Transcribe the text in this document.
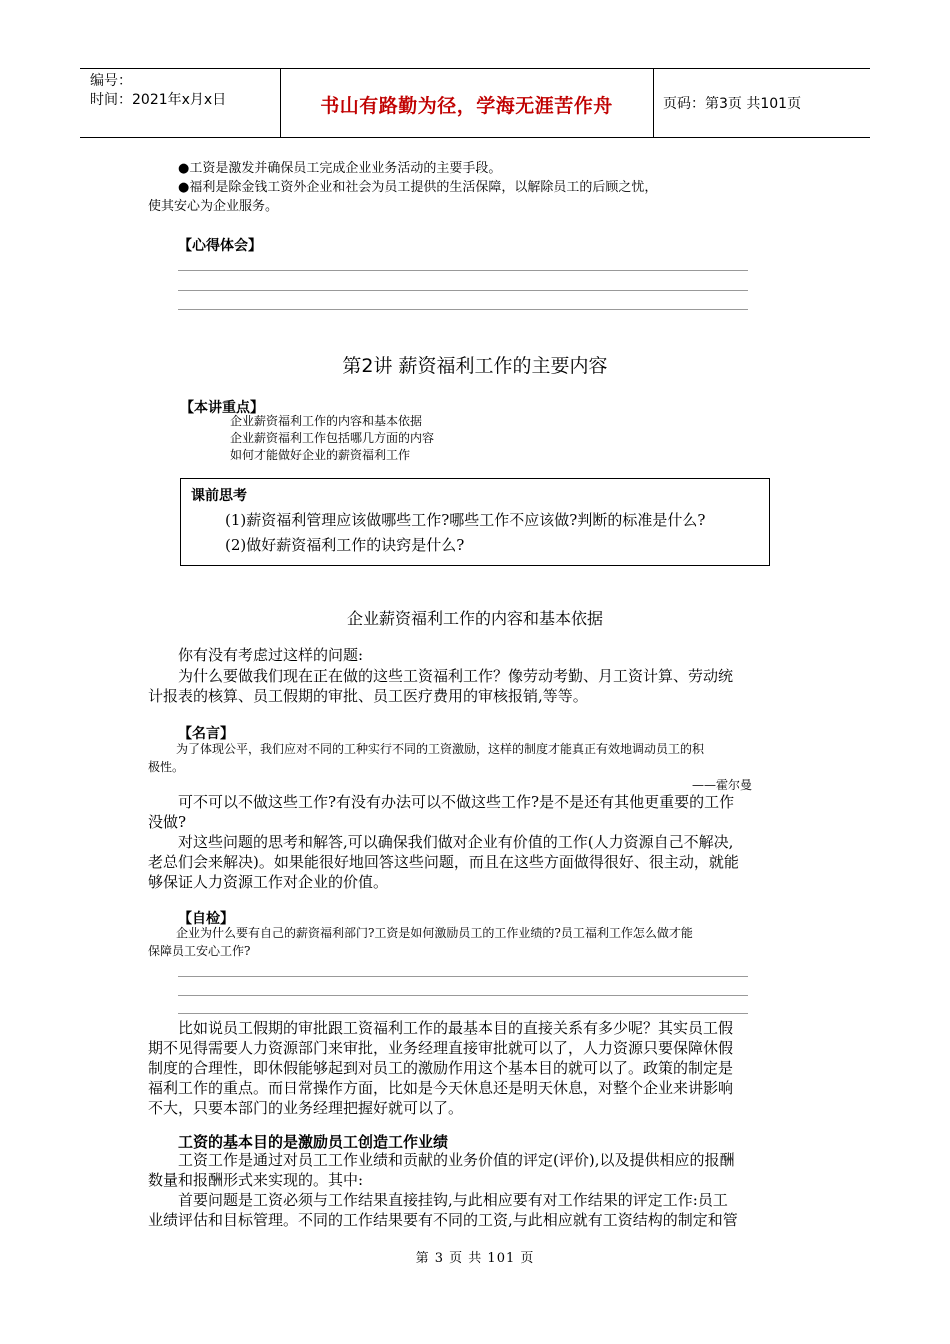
编号：
时间：2021年x月x日	书山有路勤为径，学海无涯苦作舟	页码：第3页 共101页
●工资是激发并确保员工完成企业业务活动的主要手段。
●福利是除金钱工资外企业和社会为员工提供的生活保障，以解除员工的后顾之忧，
使其安心为企业服务。
【心得体会】
第2讲 薪资福利工作的主要内容
【本讲重点】
企业薪资福利工作的内容和基本依据
企业薪资福利工作包括哪几方面的内容
如何才能做好企业的薪资福利工作
课前思考
(1)薪资福利管理应该做哪些工作?哪些工作不应该做?判断的标准是什么?
(2)做好薪资福利工作的诀窍是什么?
企业薪资福利工作的内容和基本依据
你有没有考虑过这样的问题:
为什么要做我们现在正在做的这些工资福利工作？像劳动考勤、月工资计算、劳动统
计报表的核算、员工假期的审批、员工医疗费用的审核报销,等等。
【名言】
为了体现公平，我们应对不同的工种实行不同的工资激励，这样的制度才能真正有效地调动员工的积
极性。
——霍尔曼
可不可以不做这些工作?有没有办法可以不做这些工作?是不是还有其他更重要的工作
没做?
对这些问题的思考和解答,可以确保我们做对企业有价值的工作(人力资源自己不解决,
老总们会来解决)。如果能很好地回答这些问题，而且在这些方面做得很好、很主动，就能
够保证人力资源工作对企业的价值。
【自检】
企业为什么要有自己的薪资福利部门?工资是如何激励员工的工作业绩的?员工福利工作怎么做才能
保障员工安心工作?
比如说员工假期的审批跟工资福利工作的最基本目的直接关系有多少呢？其实员工假
期不见得需要人力资源部门来审批，业务经理直接审批就可以了，人力资源只要保障休假
制度的合理性，即休假能够起到对员工的激励作用这个基本目的就可以了。政策的制定是
福利工作的重点。而日常操作方面，比如是今天休息还是明天休息，对整个企业来讲影响
不大，只要本部门的业务经理把握好就可以了。
工资的基本目的是激励员工创造工作业绩
工资工作是通过对员工工作业绩和贡献的业务价值的评定(评价),以及提供相应的报酬
数量和报酬形式来实现的。其中:
首要问题是工资必须与工作结果直接挂钩,与此相应要有对工作结果的评定工作:员工
业绩评估和目标管理。不同的工作结果要有不同的工资,与此相应就有工资结构的制定和管
第 3 页 共 101 页
